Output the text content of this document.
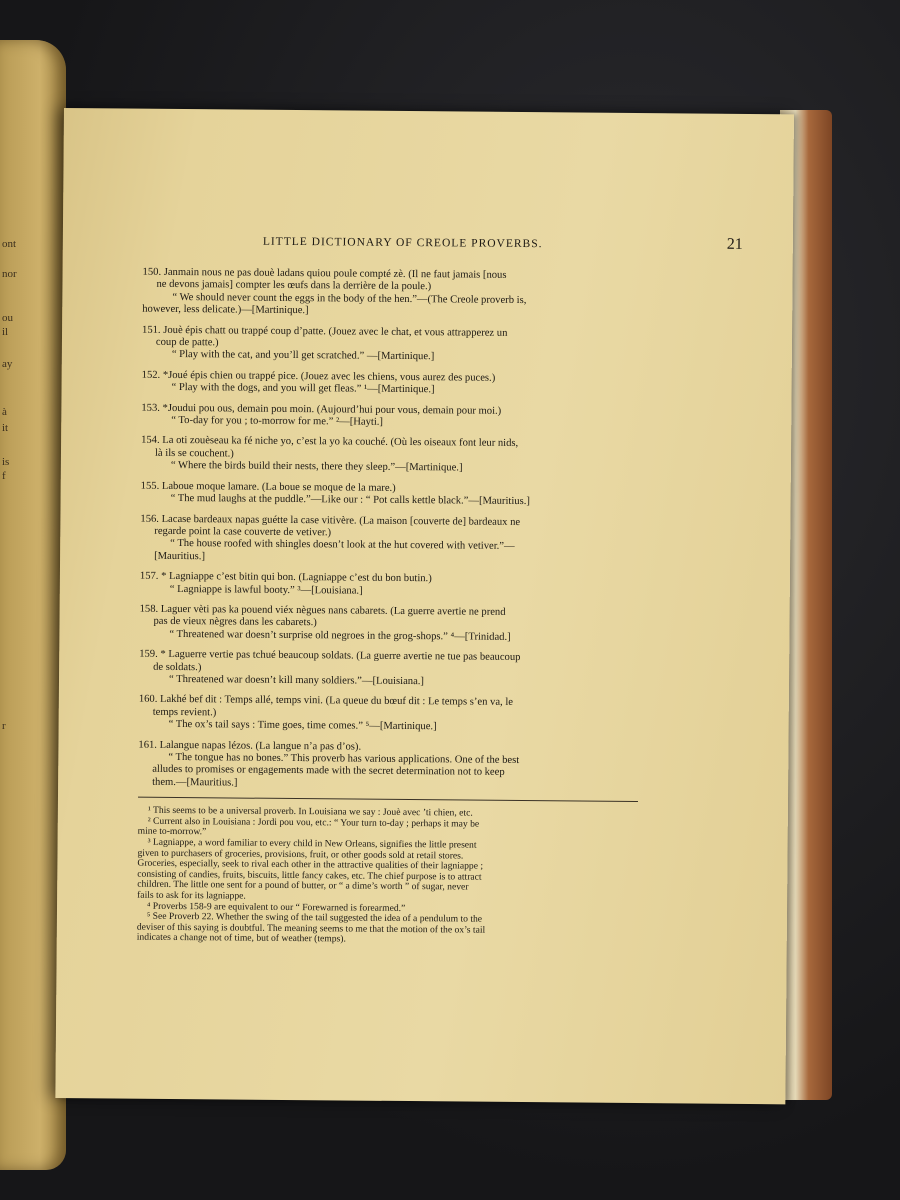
ont
nor
ou
il
ay
à
it
is
f
r
LITTLE DICTIONARY OF CREOLE PROVERBS.	21
150. Janmain nous ne pas douè ladans quiou poule compté zè. (Il ne faut jamais [nous
ne devons jamais] compter les œufs dans la derrière de la poule.)
“ We should never count the eggs in the body of the hen.”—(The Creole proverb is,
however, less delicate.)—[Martinique.]
151. Jouè épis chatt ou trappé coup d’patte. (Jouez avec le chat, et vous attrapperez un
coup de patte.)
“ Play with the cat, and you’ll get scratched.” —[Martinique.]
152. *Joué épis chien ou trappé pice. (Jouez avec les chiens, vous aurez des puces.)
“ Play with the dogs, and you will get fleas.” ¹—[Martinique.]
153. *Joudui pou ous, demain pou moin. (Aujourd’hui pour vous, demain pour moi.)
“ To-day for you ; to-morrow for me.” ²—[Hayti.]
154. La oti zouèseau ka fé niche yo, c’est la yo ka couché. (Où les oiseaux font leur nids,
là ils se couchent.)
“ Where the birds build their nests, there they sleep.”—[Martinique.]
155. Laboue moque lamare. (La boue se moque de la mare.)
“ The mud laughs at the puddle.”—Like our : “ Pot calls kettle black.”—[Mauritius.]
156. Lacase bardeaux napas guétte la case vitivère. (La maison [couverte de] bardeaux ne
regarde point la case couverte de vetiver.)
“ The house roofed with shingles doesn’t look at the hut covered with vetiver.”—
[Mauritius.]
157. * Lagniappe c’est bitin qui bon. (Lagniappe c’est du bon butin.)
“ Lagniappe is lawful booty.” ³—[Louisiana.]
158. Laguer vèti pas ka pouend viéx nègues nans cabarets. (La guerre avertie ne prend
pas de vieux nègres dans les cabarets.)
“ Threatened war doesn’t surprise old negroes in the grog-shops.” ⁴—[Trinidad.]
159. * Laguerre vertie pas tchué beaucoup soldats. (La guerre avertie ne tue pas beaucoup
de soldats.)
“ Threatened war doesn’t kill many soldiers.”—[Louisiana.]
160. Lakhé bef dit : Temps allé, temps vini. (La queue du bœuf dit : Le temps s’en va, le
temps revient.)
“ The ox’s tail says : Time goes, time comes.” ⁵—[Martinique.]
161. Lalangue napas lézos. (La langue n’a pas d’os).
“ The tongue has no bones.” This proverb has various applications. One of the best
alludes to promises or engagements made with the secret determination not to keep
them.—[Mauritius.]
¹ This seems to be a universal proverb. In Louisiana we say : Jouè avec ’ti chien, etc.
² Current also in Louisiana : Jordi pou vou, etc.: “ Your turn to-day ; perhaps it may be
mine to-morrow.”
³ Lagniappe, a word familiar to every child in New Orleans, signifies the little present
given to purchasers of groceries, provisions, fruit, or other goods sold at retail stores.
Groceries, especially, seek to rival each other in the attractive qualities of their lagniappe ;
consisting of candies, fruits, biscuits, little fancy cakes, etc. The chief purpose is to attract
children. The little one sent for a pound of butter, or “ a dime’s worth ” of sugar, never
fails to ask for its lagniappe.
⁴ Proverbs 158-9 are equivalent to our “ Forewarned is forearmed.”
⁵ See Proverb 22. Whether the swing of the tail suggested the idea of a pendulum to the
deviser of this saying is doubtful. The meaning seems to me that the motion of the ox’s tail
indicates a change not of time, but of weather (temps).
